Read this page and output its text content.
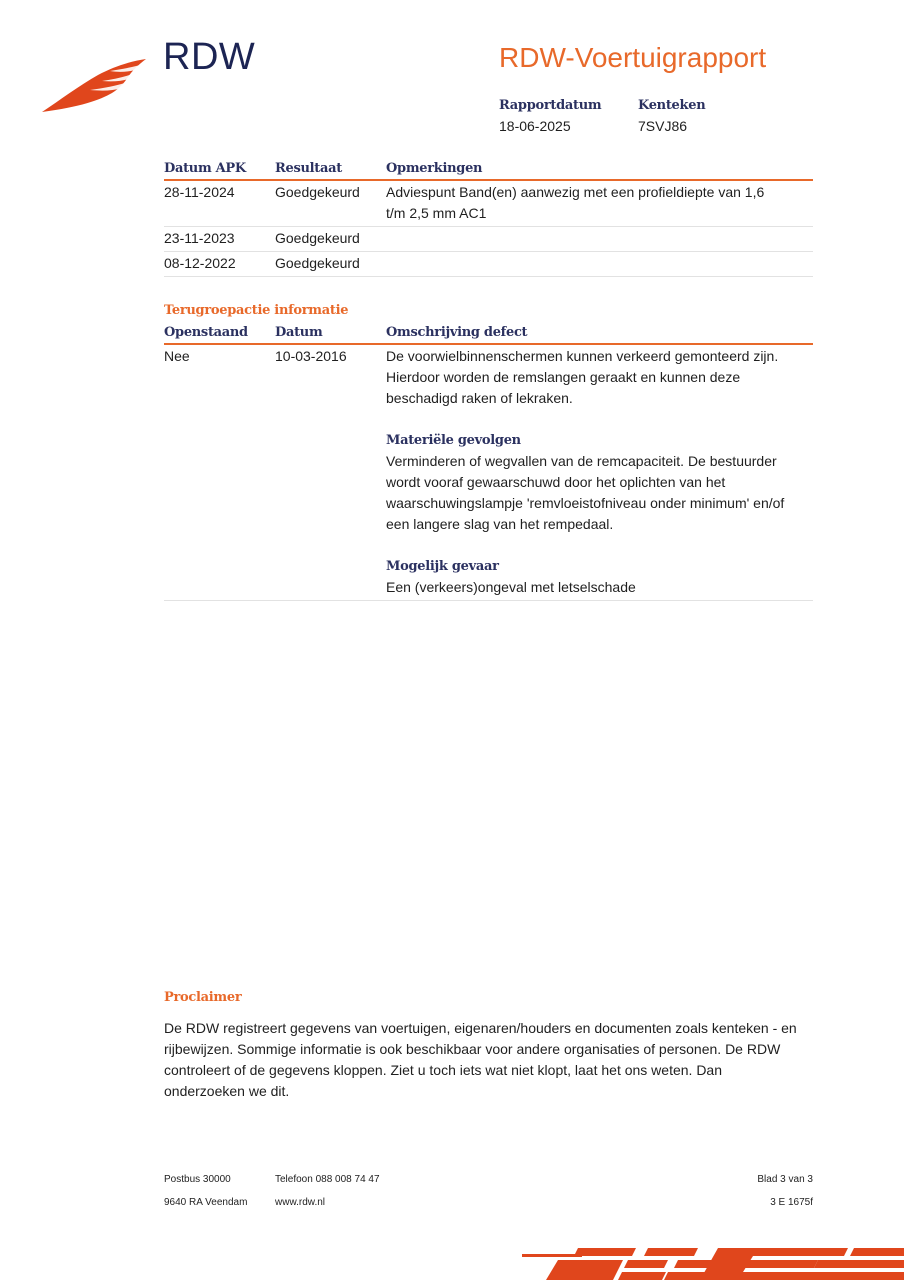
RDW	RDW-Voertuigrapport
Rapportdatum
18-06-2025
Kenteken
7SVJ86
Datum APK	Resultaat	Opmerkingen
28-11-2024	Goedgekeurd	Adviespunt Band(en) aanwezig met een profieldiepte van 1,6 t/m 2,5 mm AC1
23-11-2023	Goedgekeurd	
08-12-2022	Goedgekeurd	
Terugroepactie informatie
Openstaand	Datum	Omschrijving defect
Nee	10-03-2016	De voorwielbinnenschermen kunnen verkeerd gemonteerd zijn. Hierdoor worden de remslangen geraakt en kunnen deze beschadigd raken of lekraken.
Materiële gevolgen
Verminderen of wegvallen van de remcapaciteit. De bestuurder wordt vooraf gewaarschuwd door het oplichten van het waarschuwingslampje 'remvloeistofniveau onder minimum' en/of een langere slag van het rempedaal.
Mogelijk gevaar
Een (verkeers)ongeval met letselschade
Proclaimer
De RDW registreert gegevens van voertuigen, eigenaren/houders en documenten zoals kenteken - en rijbewijzen. Sommige informatie is ook beschikbaar voor andere organisaties of personen. De RDW controleert of de gegevens kloppen. Ziet u toch iets wat niet klopt, laat het ons weten. Dan onderzoeken we dit.
Postbus 30000
9640 RA Veendam
Telefoon 088 008 74 47
www.rdw.nl
Blad 3 van 3
3 E 1675f
